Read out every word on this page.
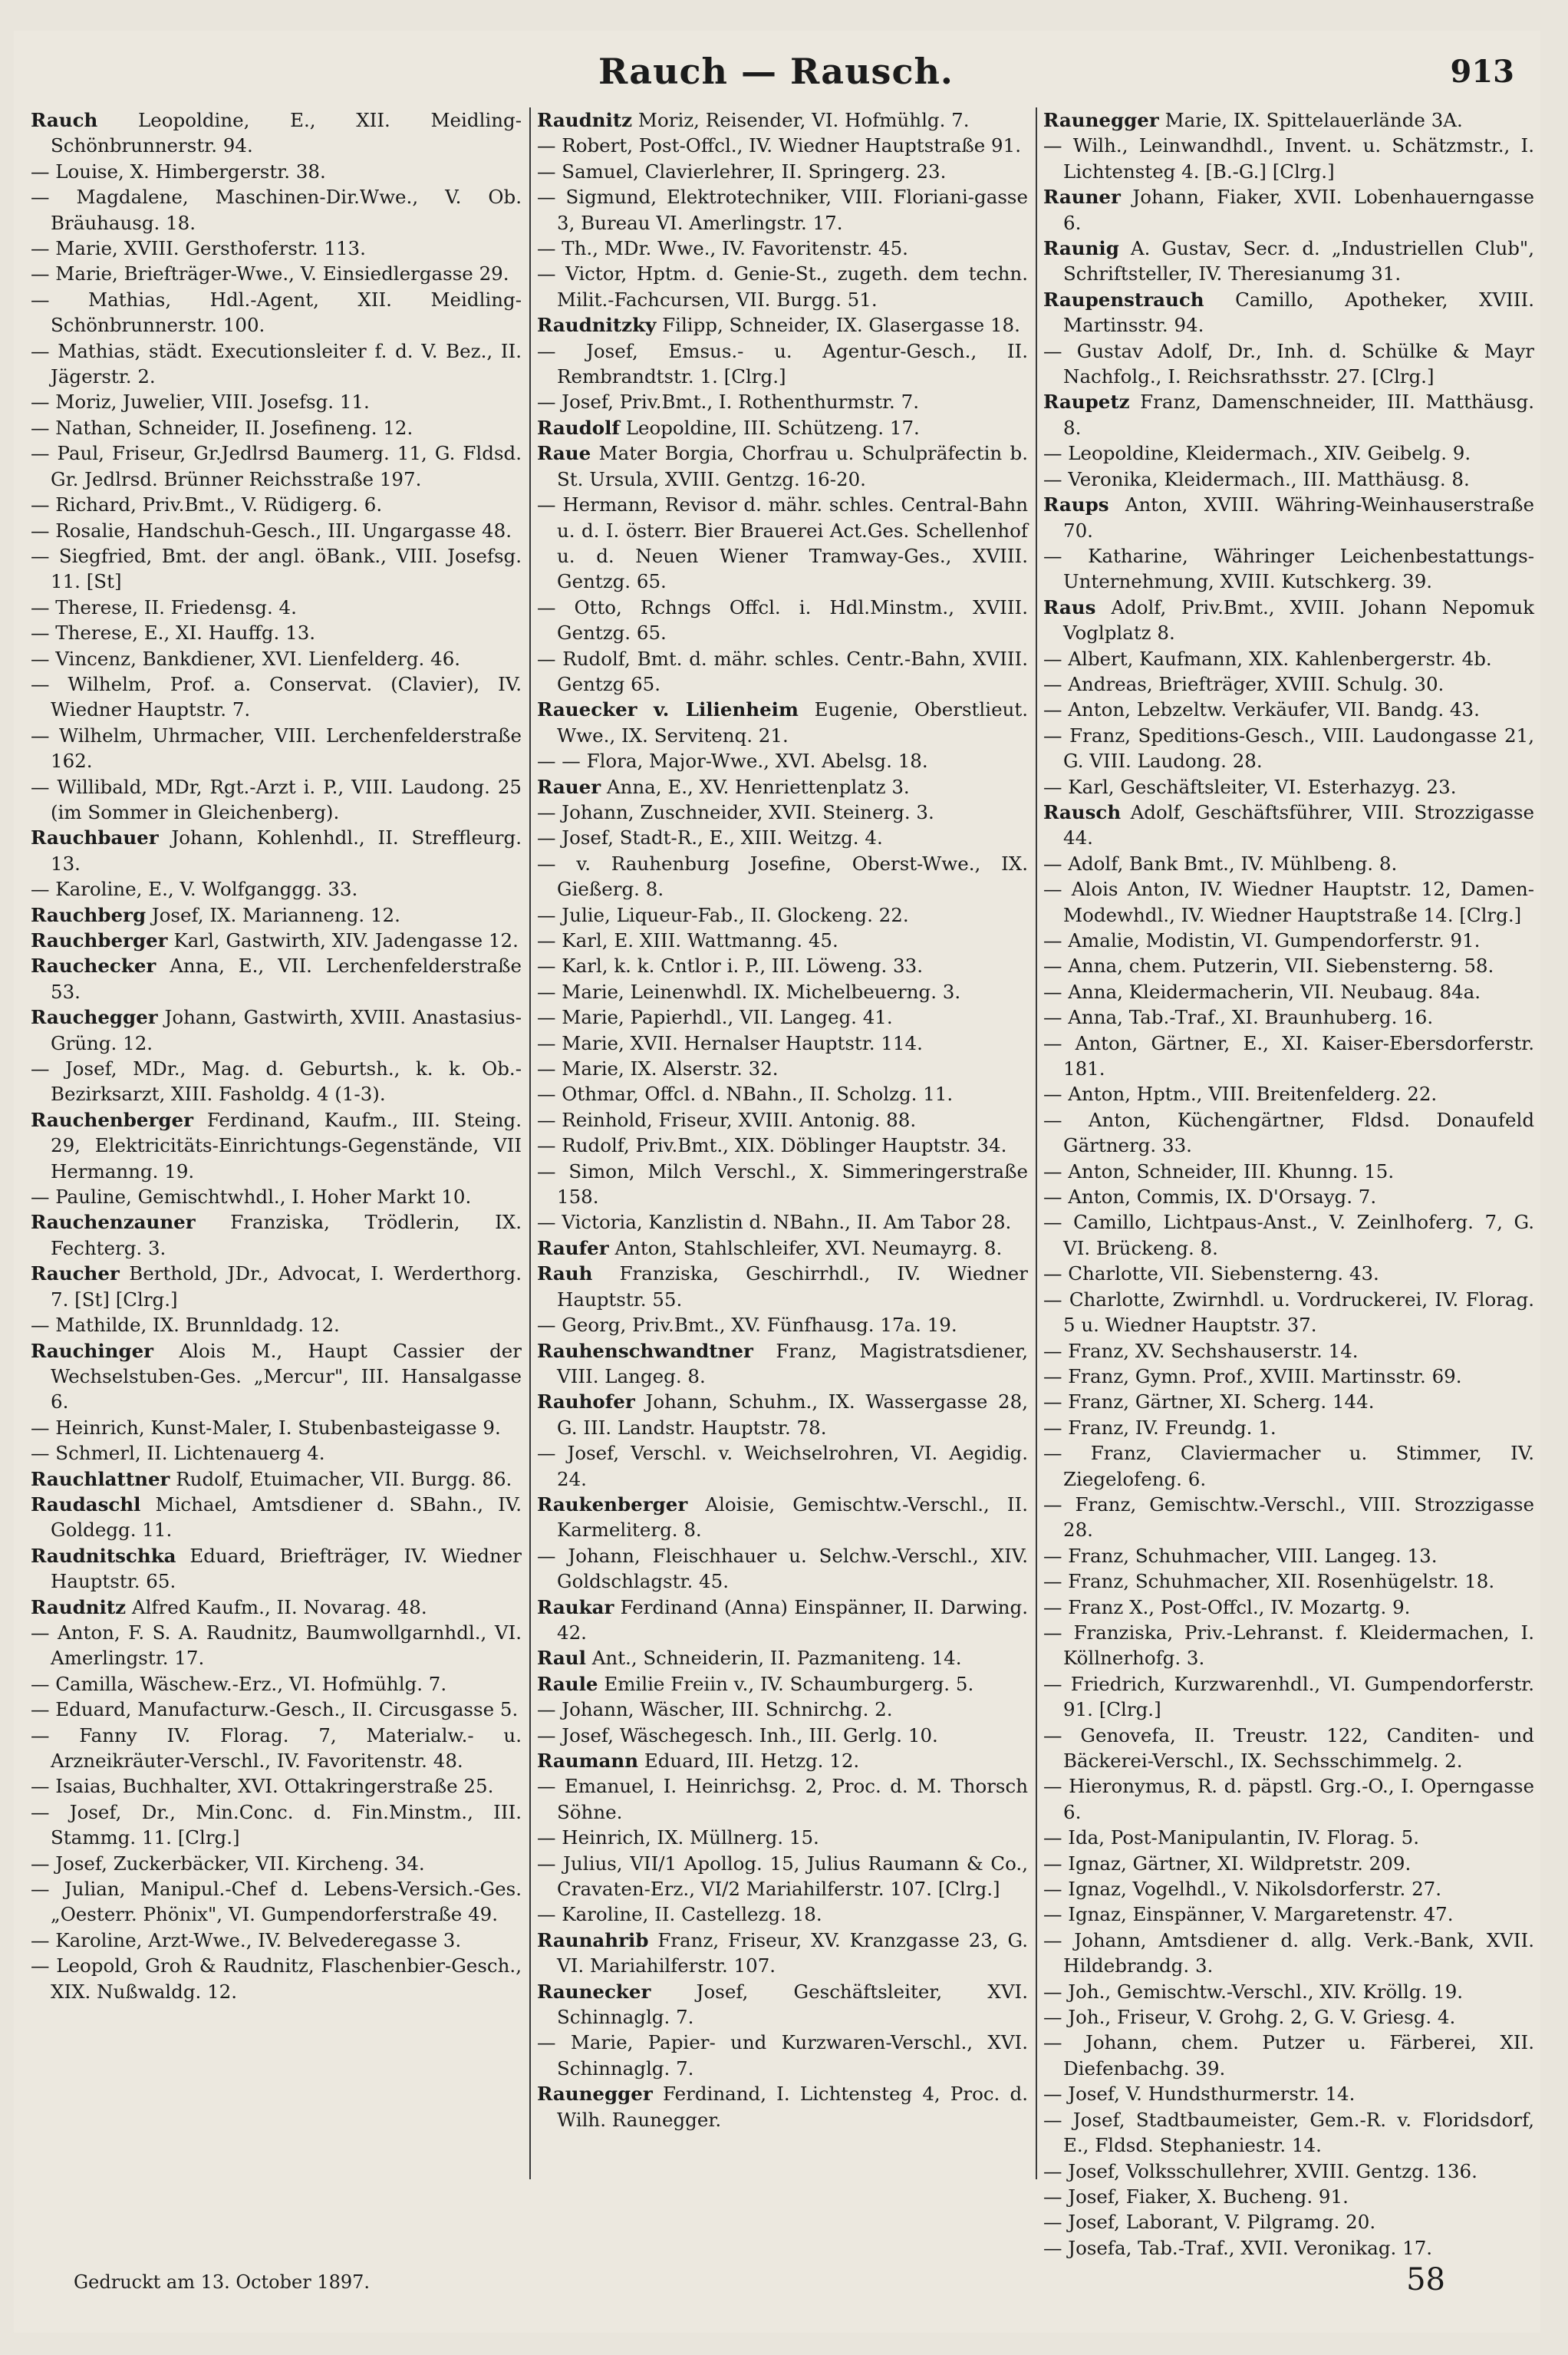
Rauch — Rausch.	913
Rauch Leopoldine, E., XII. Meidling-Schönbrunnerstr. 94.
— Louise, X. Himbergerstr. 38.
— Magdalene, Maschinen-Dir.Wwe., V. Ob. Bräuhausg. 18.
— Marie, XVIII. Gersthoferstr. 113.
— Marie, Briefträger-Wwe., V. Einsiedlergasse 29.
— Mathias, Hdl.-Agent, XII. Meidling-Schönbrunnerstr. 100.
— Mathias, städt. Executionsleiter f. d. V. Bez., II. Jägerstr. 2.
— Moriz, Juwelier, VIII. Josefsg. 11.
— Nathan, Schneider, II. Josefineng. 12.
— Paul, Friseur, Gr.Jedlrsd Baumerg. 11, G. Fldsd. Gr. Jedlrsd. Brünner Reichsstraße 197.
— Richard, Priv.Bmt., V. Rüdigerg. 6.
— Rosalie, Handschuh-Gesch., III. Ungargasse 48.
— Siegfried, Bmt. der angl. öBank., VIII. Josefsg. 11. [St]
— Therese, II. Friedensg. 4.
— Therese, E., XI. Hauffg. 13.
— Vincenz, Bankdiener, XVI. Lienfelderg. 46.
— Wilhelm, Prof. a. Conservat. (Clavier), IV. Wiedner Hauptstr. 7.
— Wilhelm, Uhrmacher, VIII. Lerchenfelderstraße 162.
— Willibald, MDr, Rgt.-Arzt i. P., VIII. Laudong. 25 (im Sommer in Gleichenberg).
Rauchbauer Johann, Kohlenhdl., II. Streffleurg. 13.
— Karoline, E., V. Wolfganggg. 33.
Rauchberg Josef, IX. Marianneng. 12.
Rauchberger Karl, Gastwirth, XIV. Jadengasse 12.
Rauchecker Anna, E., VII. Lerchenfelderstraße 53.
Rauchegger Johann, Gastwirth, XVIII. Anastasius-Grüng. 12.
— Josef, MDr., Mag. d. Geburtsh., k. k. Ob.-Bezirksarzt, XIII. Fasholdg. 4 (1-3).
Rauchenberger Ferdinand, Kaufm., III. Steing. 29, Elektricitäts-Einrichtungs-Gegenstände, VII Hermanng. 19.
— Pauline, Gemischtwhdl., I. Hoher Markt 10.
Rauchenzauner Franziska, Trödlerin, IX. Fechterg. 3.
Raucher Berthold, JDr., Advocat, I. Werderthorg. 7. [St] [Clrg.]
— Mathilde, IX. Brunnldadg. 12.
Rauchinger Alois M., Haupt Cassier der Wechselstuben-Ges. „Mercur", III. Hansalgasse 6.
— Heinrich, Kunst-Maler, I. Stubenbasteigasse 9.
— Schmerl, II. Lichtenauerg 4.
Rauchlattner Rudolf, Etuimacher, VII. Burgg. 86.
Raudaschl Michael, Amtsdiener d. SBahn., IV. Goldegg. 11.
Raudnitschka Eduard, Briefträger, IV. Wiedner Hauptstr. 65.
Raudnitz Alfred Kaufm., II. Novarag. 48.
— Anton, F. S. A. Raudnitz, Baumwollgarnhdl., VI. Amerlingstr. 17.
— Camilla, Wäschew.-Erz., VI. Hofmühlg. 7.
— Eduard, Manufacturw.-Gesch., II. Circusgasse 5.
— Fanny IV. Florag. 7, Materialw.- u. Arzneikräuter-Verschl., IV. Favoritenstr. 48.
— Isaias, Buchhalter, XVI. Ottakringerstraße 25.
— Josef, Dr., Min.Conc. d. Fin.Minstm., III. Stammg. 11. [Clrg.]
— Josef, Zuckerbäcker, VII. Kircheng. 34.
— Julian, Manipul.-Chef d. Lebens-Versich.-Ges. „Oesterr. Phönix", VI. Gumpendorferstraße 49.
— Karoline, Arzt-Wwe., IV. Belvederegasse 3.
— Leopold, Groh & Raudnitz, Flaschenbier-Gesch., XIX. Nußwaldg. 12.
Raudnitz Moriz, Reisender, VI. Hofmühlg. 7.
— Robert, Post-Offcl., IV. Wiedner Hauptstraße 91.
— Samuel, Clavierlehrer, II. Springerg. 23.
— Sigmund, Elektrotechniker, VIII. Floriani-gasse 3, Bureau VI. Amerlingstr. 17.
— Th., MDr. Wwe., IV. Favoritenstr. 45.
— Victor, Hptm. d. Genie-St., zugeth. dem techn. Milit.-Fachcursen, VII. Burgg. 51.
Raudnitzky Filipp, Schneider, IX. Glasergasse 18.
— Josef, Emsus.- u. Agentur-Gesch., II. Rembrandtstr. 1. [Clrg.]
— Josef, Priv.Bmt., I. Rothenthurmstr. 7.
Raudolf Leopoldine, III. Schützeng. 17.
Raue Mater Borgia, Chorfrau u. Schulpräfectin b. St. Ursula, XVIII. Gentzg. 16-20.
— Hermann, Revisor d. mähr. schles. Central-Bahn u. d. I. österr. Bier Brauerei Act.Ges. Schellenhof u. d. Neuen Wiener Tramway-Ges., XVIII. Gentzg. 65.
— Otto, Rchngs Offcl. i. Hdl.Minstm., XVIII. Gentzg. 65.
— Rudolf, Bmt. d. mähr. schles. Centr.-Bahn, XVIII. Gentzg 65.
Rauecker v. Lilienheim Eugenie, Oberstlieut. Wwe., IX. Servitenq. 21.
— — Flora, Major-Wwe., XVI. Abelsg. 18.
Rauer Anna, E., XV. Henriettenplatz 3.
— Johann, Zuschneider, XVII. Steinerg. 3.
— Josef, Stadt-R., E., XIII. Weitzg. 4.
— v. Rauhenburg Josefine, Oberst-Wwe., IX. Gießerg. 8.
— Julie, Liqueur-Fab., II. Glockeng. 22.
— Karl, E. XIII. Wattmanng. 45.
— Karl, k. k. Cntlor i. P., III. Löweng. 33.
— Marie, Leinenwhdl. IX. Michelbeuerng. 3.
— Marie, Papierhdl., VII. Langeg. 41.
— Marie, XVII. Hernalser Hauptstr. 114.
— Marie, IX. Alserstr. 32.
— Othmar, Offcl. d. NBahn., II. Scholzg. 11.
— Reinhold, Friseur, XVIII. Antonig. 88.
— Rudolf, Priv.Bmt., XIX. Döblinger Hauptstr. 34.
— Simon, Milch Verschl., X. Simmeringerstraße 158.
— Victoria, Kanzlistin d. NBahn., II. Am Tabor 28.
Raufer Anton, Stahlschleifer, XVI. Neumayrg. 8.
Rauh Franziska, Geschirrhdl., IV. Wiedner Hauptstr. 55.
— Georg, Priv.Bmt., XV. Fünfhausg. 17a. 19.
Rauhenschwandtner Franz, Magistratsdiener, VIII. Langeg. 8.
Rauhofer Johann, Schuhm., IX. Wassergasse 28, G. III. Landstr. Hauptstr. 78.
— Josef, Verschl. v. Weichselrohren, VI. Aegidig. 24.
Raukenberger Aloisie, Gemischtw.-Verschl., II. Karmeliterg. 8.
— Johann, Fleischhauer u. Selchw.-Verschl., XIV. Goldschlagstr. 45.
Raukar Ferdinand (Anna) Einspänner, II. Darwing. 42.
Raul Ant., Schneiderin, II. Pazmaniteng. 14.
Raule Emilie Freiin v., IV. Schaumburgerg. 5.
— Johann, Wäscher, III. Schnirchg. 2.
— Josef, Wäschegesch. Inh., III. Gerlg. 10.
Raumann Eduard, III. Hetzg. 12.
— Emanuel, I. Heinrichsg. 2, Proc. d. M. Thorsch Söhne.
— Heinrich, IX. Müllnerg. 15.
— Julius, VII/1 Apollog. 15, Julius Raumann & Co., Cravaten-Erz., VI/2 Mariahilferstr. 107. [Clrg.]
— Karoline, II. Castellezg. 18.
Raunahrib Franz, Friseur, XV. Kranzgasse 23, G. VI. Mariahilferstr. 107.
Raunecker Josef, Geschäftsleiter, XVI. Schinnaglg. 7.
— Marie, Papier- und Kurzwaren-Verschl., XVI. Schinnaglg. 7.
Raunegger Ferdinand, I. Lichtensteg 4, Proc. d. Wilh. Raunegger.
Raunegger Marie, IX. Spittelauerlände 3A.
— Wilh., Leinwandhdl., Invent. u. Schätzmstr., I. Lichtensteg 4. [B.-G.] [Clrg.]
Rauner Johann, Fiaker, XVII. Lobenhauerngasse 6.
Raunig A. Gustav, Secr. d. „Industriellen Club", Schriftsteller, IV. Theresianumg 31.
Raupenstrauch Camillo, Apotheker, XVIII. Martinsstr. 94.
— Gustav Adolf, Dr., Inh. d. Schülke & Mayr Nachfolg., I. Reichsrathsstr. 27. [Clrg.]
Raupetz Franz, Damenschneider, III. Matthäusg. 8.
— Leopoldine, Kleidermach., XIV. Geibelg. 9.
— Veronika, Kleidermach., III. Matthäusg. 8.
Raups Anton, XVIII. Währing-Weinhauserstraße 70.
— Katharine, Währinger Leichenbestattungs-Unternehmung, XVIII. Kutschkerg. 39.
Raus Adolf, Priv.Bmt., XVIII. Johann Nepomuk Voglplatz 8.
— Albert, Kaufmann, XIX. Kahlenbergerstr. 4b.
— Andreas, Briefträger, XVIII. Schulg. 30.
— Anton, Lebzeltw. Verkäufer, VII. Bandg. 43.
— Franz, Speditions-Gesch., VIII. Laudongasse 21, G. VIII. Laudong. 28.
— Karl, Geschäftsleiter, VI. Esterhazyg. 23.
Rausch Adolf, Geschäftsführer, VIII. Strozzigasse 44.
— Adolf, Bank Bmt., IV. Mühlbeng. 8.
— Alois Anton, IV. Wiedner Hauptstr. 12, Damen-Modewhdl., IV. Wiedner Hauptstraße 14. [Clrg.]
— Amalie, Modistin, VI. Gumpendorferstr. 91.
— Anna, chem. Putzerin, VII. Siebensterng. 58.
— Anna, Kleidermacherin, VII. Neubaug. 84a.
— Anna, Tab.-Traf., XI. Braunhuberg. 16.
— Anton, Gärtner, E., XI. Kaiser-Ebersdorferstr. 181.
— Anton, Hptm., VIII. Breitenfelderg. 22.
— Anton, Küchengärtner, Fldsd. Donaufeld Gärtnerg. 33.
— Anton, Schneider, III. Khunng. 15.
— Anton, Commis, IX. D'Orsayg. 7.
— Camillo, Lichtpaus-Anst., V. Zeinlhoferg. 7, G. VI. Brückeng. 8.
— Charlotte, VII. Siebensterng. 43.
— Charlotte, Zwirnhdl. u. Vordruckerei, IV. Florag. 5 u. Wiedner Hauptstr. 37.
— Franz, XV. Sechshauserstr. 14.
— Franz, Gymn. Prof., XVIII. Martinsstr. 69.
— Franz, Gärtner, XI. Scherg. 144.
— Franz, IV. Freundg. 1.
— Franz, Claviermacher u. Stimmer, IV. Ziegelofeng. 6.
— Franz, Gemischtw.-Verschl., VIII. Strozzigasse 28.
— Franz, Schuhmacher, VIII. Langeg. 13.
— Franz, Schuhmacher, XII. Rosenhügelstr. 18.
— Franz X., Post-Offcl., IV. Mozartg. 9.
— Franziska, Priv.-Lehranst. f. Kleidermachen, I. Köllnerhofg. 3.
— Friedrich, Kurzwarenhdl., VI. Gumpendorferstr. 91. [Clrg.]
— Genovefa, II. Treustr. 122, Canditen- und Bäckerei-Verschl., IX. Sechsschimmelg. 2.
— Hieronymus, R. d. päpstl. Grg.-O., I. Operngasse 6.
— Ida, Post-Manipulantin, IV. Florag. 5.
— Ignaz, Gärtner, XI. Wildpretstr. 209.
— Ignaz, Vogelhdl., V. Nikolsdorferstr. 27.
— Ignaz, Einspänner, V. Margaretenstr. 47.
— Johann, Amtsdiener d. allg. Verk.-Bank, XVII. Hildebrandg. 3.
— Joh., Gemischtw.-Verschl., XIV. Kröllg. 19.
— Joh., Friseur, V. Grohg. 2, G. V. Griesg. 4.
— Johann, chem. Putzer u. Färberei, XII. Diefenbachg. 39.
— Josef, V. Hundsthurmerstr. 14.
— Josef, Stadtbaumeister, Gem.-R. v. Floridsdorf, E., Fldsd. Stephaniestr. 14.
— Josef, Volksschullehrer, XVIII. Gentzg. 136.
— Josef, Fiaker, X. Bucheng. 91.
— Josef, Laborant, V. Pilgramg. 20.
— Josefa, Tab.-Traf., XVII. Veronikag. 17.
Gedruckt am 13. October 1897.	58
